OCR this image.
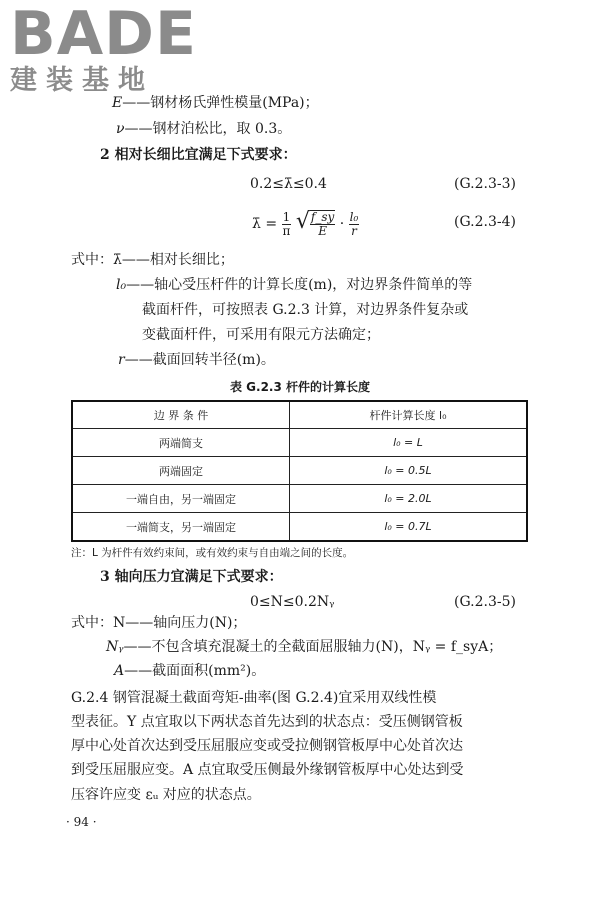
BADE
建装基地
E——钢材杨氏弹性模量(MPa)；
ν——钢材泊松比，取 0.3。
2 相对长细比宜满足下式要求：
0.2≤λ̄≤0.4	(G.2.3-3)
λ̄ = $\frac{1}{\pi}$ √ $\frac{f\_sy}{E} \cdot \frac{\text{l₀}}{r}$	(G.2.3-4)
式中：λ̄——相对长细比；
l₀——轴心受压杆件的计算长度(m)，对边界条件简单的等
截面杆件，可按照表 G.2.3 计算，对边界条件复杂或
变截面杆件，可采用有限元方法确定；
r——截面回转半径(m)。
表 G.2.3 杆件的计算长度
边 界 条 件	杆件计算长度 l₀
两端简支	l₀ = L
两端固定	l₀ = 0.5L
一端自由，另一端固定	l₀ = 2.0L
一端简支，另一端固定	l₀ = 0.7L
注：L 为杆件有效约束间，或有效约束与自由端之间的长度。
3 轴向压力宜满足下式要求：
0≤N≤0.2Nᵧ	(G.2.3-5)
式中：N——轴向压力(N)；
Nᵧ——不包含填充混凝土的全截面屈服轴力(N)，Nᵧ = f_syA；
A——截面面积(mm²)。
G.2.4 钢管混凝土截面弯矩-曲率(图 G.2.4)宜采用双线性模
型表征。Y 点宜取以下两状态首先达到的状态点：受压侧钢管板
厚中心处首次达到受压屈服应变或受拉侧钢管板厚中心处首次达
到受压屈服应变。A 点宜取受压侧最外缘钢管板厚中心处达到受
压容许应变 εᵤ 对应的状态点。
· 94 ·
